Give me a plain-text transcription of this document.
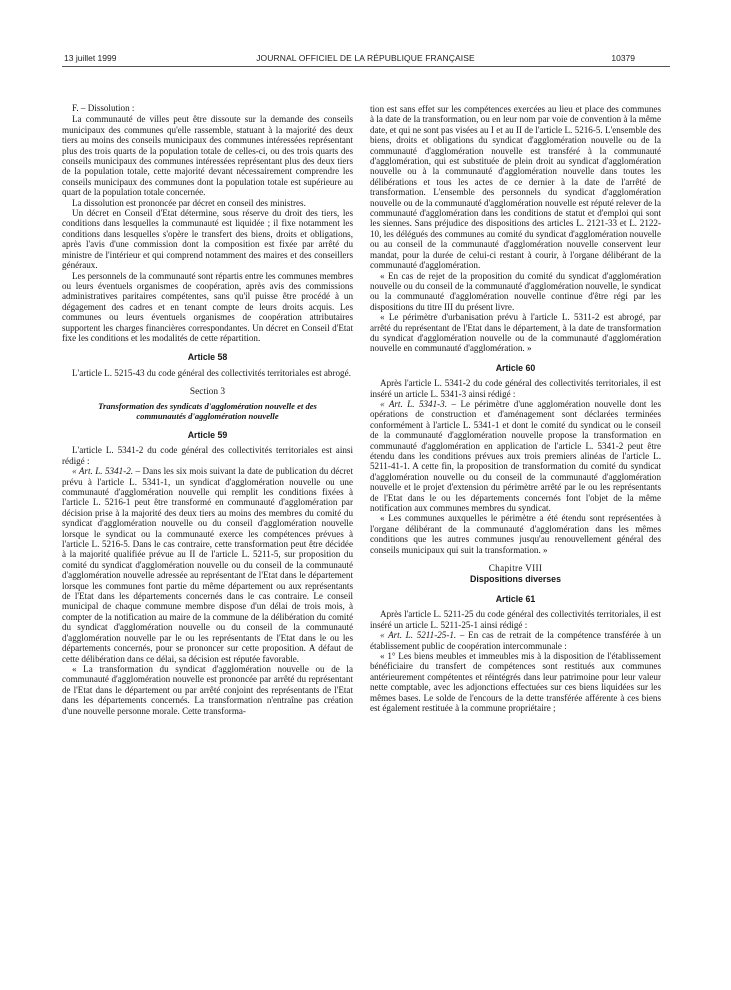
JOURNAL OFFICIEL DE LA RÉPUBLIQUE FRANÇAISE
13 juillet 1999	10379

F. – Dissolution :

La communauté de villes peut être dissoute sur la demande des conseils municipaux des communes qu'elle rassemble, statuant à la majorité des deux tiers au moins des conseils municipaux des communes intéressées représentant plus des trois quarts de la population totale de celles-ci, ou des trois quarts des conseils municipaux des communes intéressées représentant plus des deux tiers de la population totale, cette majorité devant nécessairement comprendre les conseils municipaux des communes dont la population totale est supérieure au quart de la population totale concernée.

La dissolution est prononcée par décret en conseil des ministres.

Un décret en Conseil d'Etat détermine, sous réserve du droit des tiers, les conditions dans lesquelles la communauté est liquidée ; il fixe notamment les conditions dans lesquelles s'opère le transfert des biens, droits et obligations, après l'avis d'une commission dont la composition est fixée par arrêté du ministre de l'intérieur et qui comprend notamment des maires et des conseillers généraux.

Les personnels de la communauté sont répartis entre les communes membres ou leurs éventuels organismes de coopération, après avis des commissions administratives paritaires compétentes, sans qu'il puisse être procédé à un dégagement des cadres et en tenant compte de leurs droits acquis. Les communes ou leurs éventuels organismes de coopération attributaires supportent les charges financières correspondantes. Un décret en Conseil d'Etat fixe les conditions et les modalités de cette répartition.

Article 58

L'article L. 5215-43 du code général des collectivités territoriales est abrogé.

Section 3
Transformation des syndicats d'agglomération nouvelle et des communautés d'agglomération nouvelle
Article 59

L'article L. 5341-2 du code général des collectivités territoriales est ainsi rédigé :

« Art. L. 5341-2. – Dans les six mois suivant la date de publication du décret prévu à l'article L. 5341-1, un syndicat d'agglomération nouvelle ou une communauté d'agglomération nouvelle qui remplit les conditions fixées à l'article L. 5216-1 peut être transformé en communauté d'agglomération par décision prise à la majorité des deux tiers au moins des membres du comité du syndicat d'agglomération nouvelle ou du conseil d'agglomération nouvelle lorsque le syndicat ou la communauté exerce les compétences prévues à l'article L. 5216-5. Dans le cas contraire, cette transformation peut être décidée à la majorité qualifiée prévue au II de l'article L. 5211-5, sur proposition du comité du syndicat d'agglomération nouvelle ou du conseil de la communauté d'agglomération nouvelle adressée au représentant de l'Etat dans le département lorsque les communes font partie du même département ou aux représentants de l'Etat dans les départements concernés dans le cas contraire. Le conseil municipal de chaque commune membre dispose d'un délai de trois mois, à compter de la notification au maire de la commune de la délibération du comité du syndicat d'agglomération nouvelle ou du conseil de la communauté d'agglomération nouvelle par le ou les représentants de l'Etat dans le ou les départements concernés, pour se prononcer sur cette proposition. A défaut de cette délibération dans ce délai, sa décision est réputée favorable.

« La transformation du syndicat d'agglomération nouvelle ou de la communauté d'agglomération nouvelle est prononcée par arrêté du représentant de l'Etat dans le département ou par arrêté conjoint des représentants de l'Etat dans les départements concernés. La transformation n'entraîne pas création d'une nouvelle personne morale. Cette transforma-

tion est sans effet sur les compétences exercées au lieu et place des communes à la date de la transformation, ou en leur nom par voie de convention à la même date, et qui ne sont pas visées au I et au II de l'article L. 5216-5. L'ensemble des biens, droits et obligations du syndicat d'agglomération nouvelle ou de la communauté d'agglomération nouvelle est transféré à la communauté d'agglomération, qui est substituée de plein droit au syndicat d'agglomération nouvelle ou à la communauté d'agglomération nouvelle dans toutes les délibérations et tous les actes de ce dernier à la date de l'arrêté de transformation. L'ensemble des personnels du syndicat d'agglomération nouvelle ou de la communauté d'agglomération nouvelle est réputé relever de la communauté d'agglomération dans les conditions de statut et d'emploi qui sont les siennes. Sans préjudice des dispositions des articles L. 2121-33 et L. 2122-10, les délégués des communes au comité du syndicat d'agglomération nouvelle ou au conseil de la communauté d'agglomération nouvelle conservent leur mandat, pour la durée de celui-ci restant à courir, à l'organe délibérant de la communauté d'agglomération.

« En cas de rejet de la proposition du comité du syndicat d'agglomération nouvelle ou du conseil de la communauté d'agglomération nouvelle, le syndicat ou la communauté d'agglomération nouvelle continue d'être régi par les dispositions du titre III du présent livre.

« Le périmètre d'urbanisation prévu à l'article L. 5311-2 est abrogé, par arrêté du représentant de l'Etat dans le département, à la date de transformation du syndicat d'agglomération nouvelle ou de la communauté d'agglomération nouvelle en communauté d'agglomération. »

Article 60

Après l'article L. 5341-2 du code général des collectivités territoriales, il est inséré un article L. 5341-3 ainsi rédigé :

« Art. L. 5341-3. – Le périmètre d'une agglomération nouvelle dont les opérations de construction et d'aménagement sont déclarées terminées conformément à l'article L. 5341-1 et dont le comité du syndicat ou le conseil de la communauté d'agglomération nouvelle propose la transformation en communauté d'agglomération en application de l'article L. 5341-2 peut être étendu dans les conditions prévues aux trois premiers alinéas de l'article L. 5211-41-1. A cette fin, la proposition de transformation du comité du syndicat d'agglomération nouvelle ou du conseil de la communauté d'agglomération nouvelle et le projet d'extension du périmètre arrêté par le ou les représentants de l'Etat dans le ou les départements concernés font l'objet de la même notification aux communes membres du syndicat.

« Les communes auxquelles le périmètre a été étendu sont représentées à l'organe délibérant de la communauté d'agglomération dans les mêmes conditions que les autres communes jusqu'au renouvellement général des conseils municipaux qui suit la transformation. »

Chapitre VIII
Dispositions diverses
Article 61

Après l'article L. 5211-25 du code général des collectivités territoriales, il est inséré un article L. 5211-25-1 ainsi rédigé :

« Art. L. 5211-25-1. – En cas de retrait de la compétence transférée à un établissement public de coopération intercommunale :

« 1° Les biens meubles et immeubles mis à la disposition de l'établissement bénéficiaire du transfert de compétences sont restitués aux communes antérieurement compétentes et réintégrés dans leur patrimoine pour leur valeur nette comptable, avec les adjonctions effectuées sur ces biens liquidées sur les mêmes bases. Le solde de l'encours de la dette transférée afférente à ces biens est également restituée à la commune propriétaire ;
